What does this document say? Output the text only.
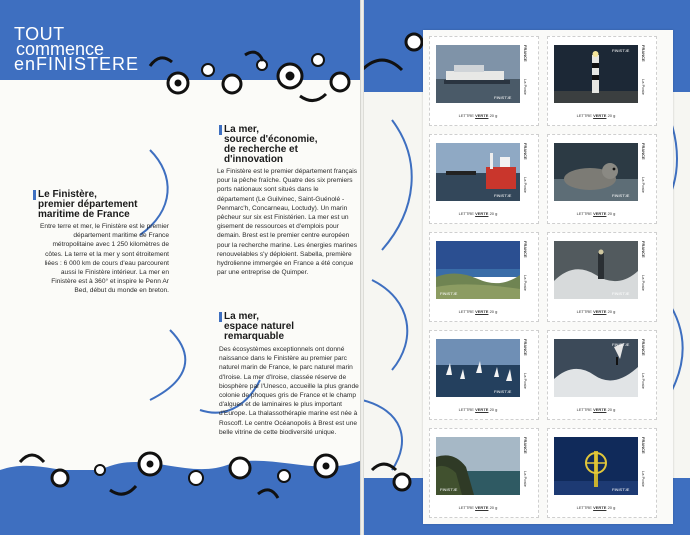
TOUT
commence
enFINISTERE
Le Finistère,
premier département
maritime de France
Entre terre et mer, le Finistère est le premier département maritime de France métropolitaine avec 1 250 kilomètres de côtes. La terre et la mer y sont étroitement liées : 6 000 km de cours d'eau parcourent aussi le Finistère intérieur. La mer en Finistère est à 360° et inspire le Penn Ar Bed, début du monde en breton.
La mer,
source d'économie,
de recherche et
d'innovation
Le Finistère est le premier département français pour la pêche fraîche. Quatre des six premiers ports nationaux sont situés dans le département (Le Guilvinec, Saint-Guénolé - Penmarc'h, Concarneau, Loctudy). Un marin pêcheur sur six est Finistérien. La mer est un gisement de ressources et d'emplois pour demain. Brest est le premier centre européen pour la recherche marine. Les énergies marines renouvelables s'y déploient. Sabella, première hydrolienne immergée en France a été conçue par une entreprise de Quimper.
La mer,
espace naturel
remarquable
Des écosystèmes exceptionnels ont donné naissance dans le Finistère au premier parc naturel marin de France, le parc naturel marin d'Iroise. La mer d'Iroise, classée réserve de biosphère par l'Unesco, accueille la plus grande colonie de phoques gris de France et le champ d'algues et de laminaires le plus important d'Europe. La thalassothérapie marine est née à Roscoff. Le centre Océanopolis à Brest est une belle vitrine de cette biodiversité unique.
FINIST'Æ
FRANCE
La Poste
LETTRE VERTE 20 g
FINIST'Æ	FRANCE
La Poste
LETTRE VERTE 20 g
FINIST'Æ
FRANCE
La Poste
LETTRE VERTE 20 g
FINIST'Æ
FRANCE
La Poste
LETTRE VERTE 20 g
FINIST'Æ
FRANCE
La Poste
LETTRE VERTE 20 g
FINIST'Æ
FRANCE
La Poste
LETTRE VERTE 20 g
FINIST'Æ
FRANCE
La Poste
LETTRE VERTE 20 g
FINIST'Æ	FRANCE
La Poste
LETTRE VERTE 20 g
FINIST'Æ
FRANCE
La Poste
LETTRE VERTE 20 g
FINIST'Æ
FRANCE
La Poste
LETTRE VERTE 20 g
